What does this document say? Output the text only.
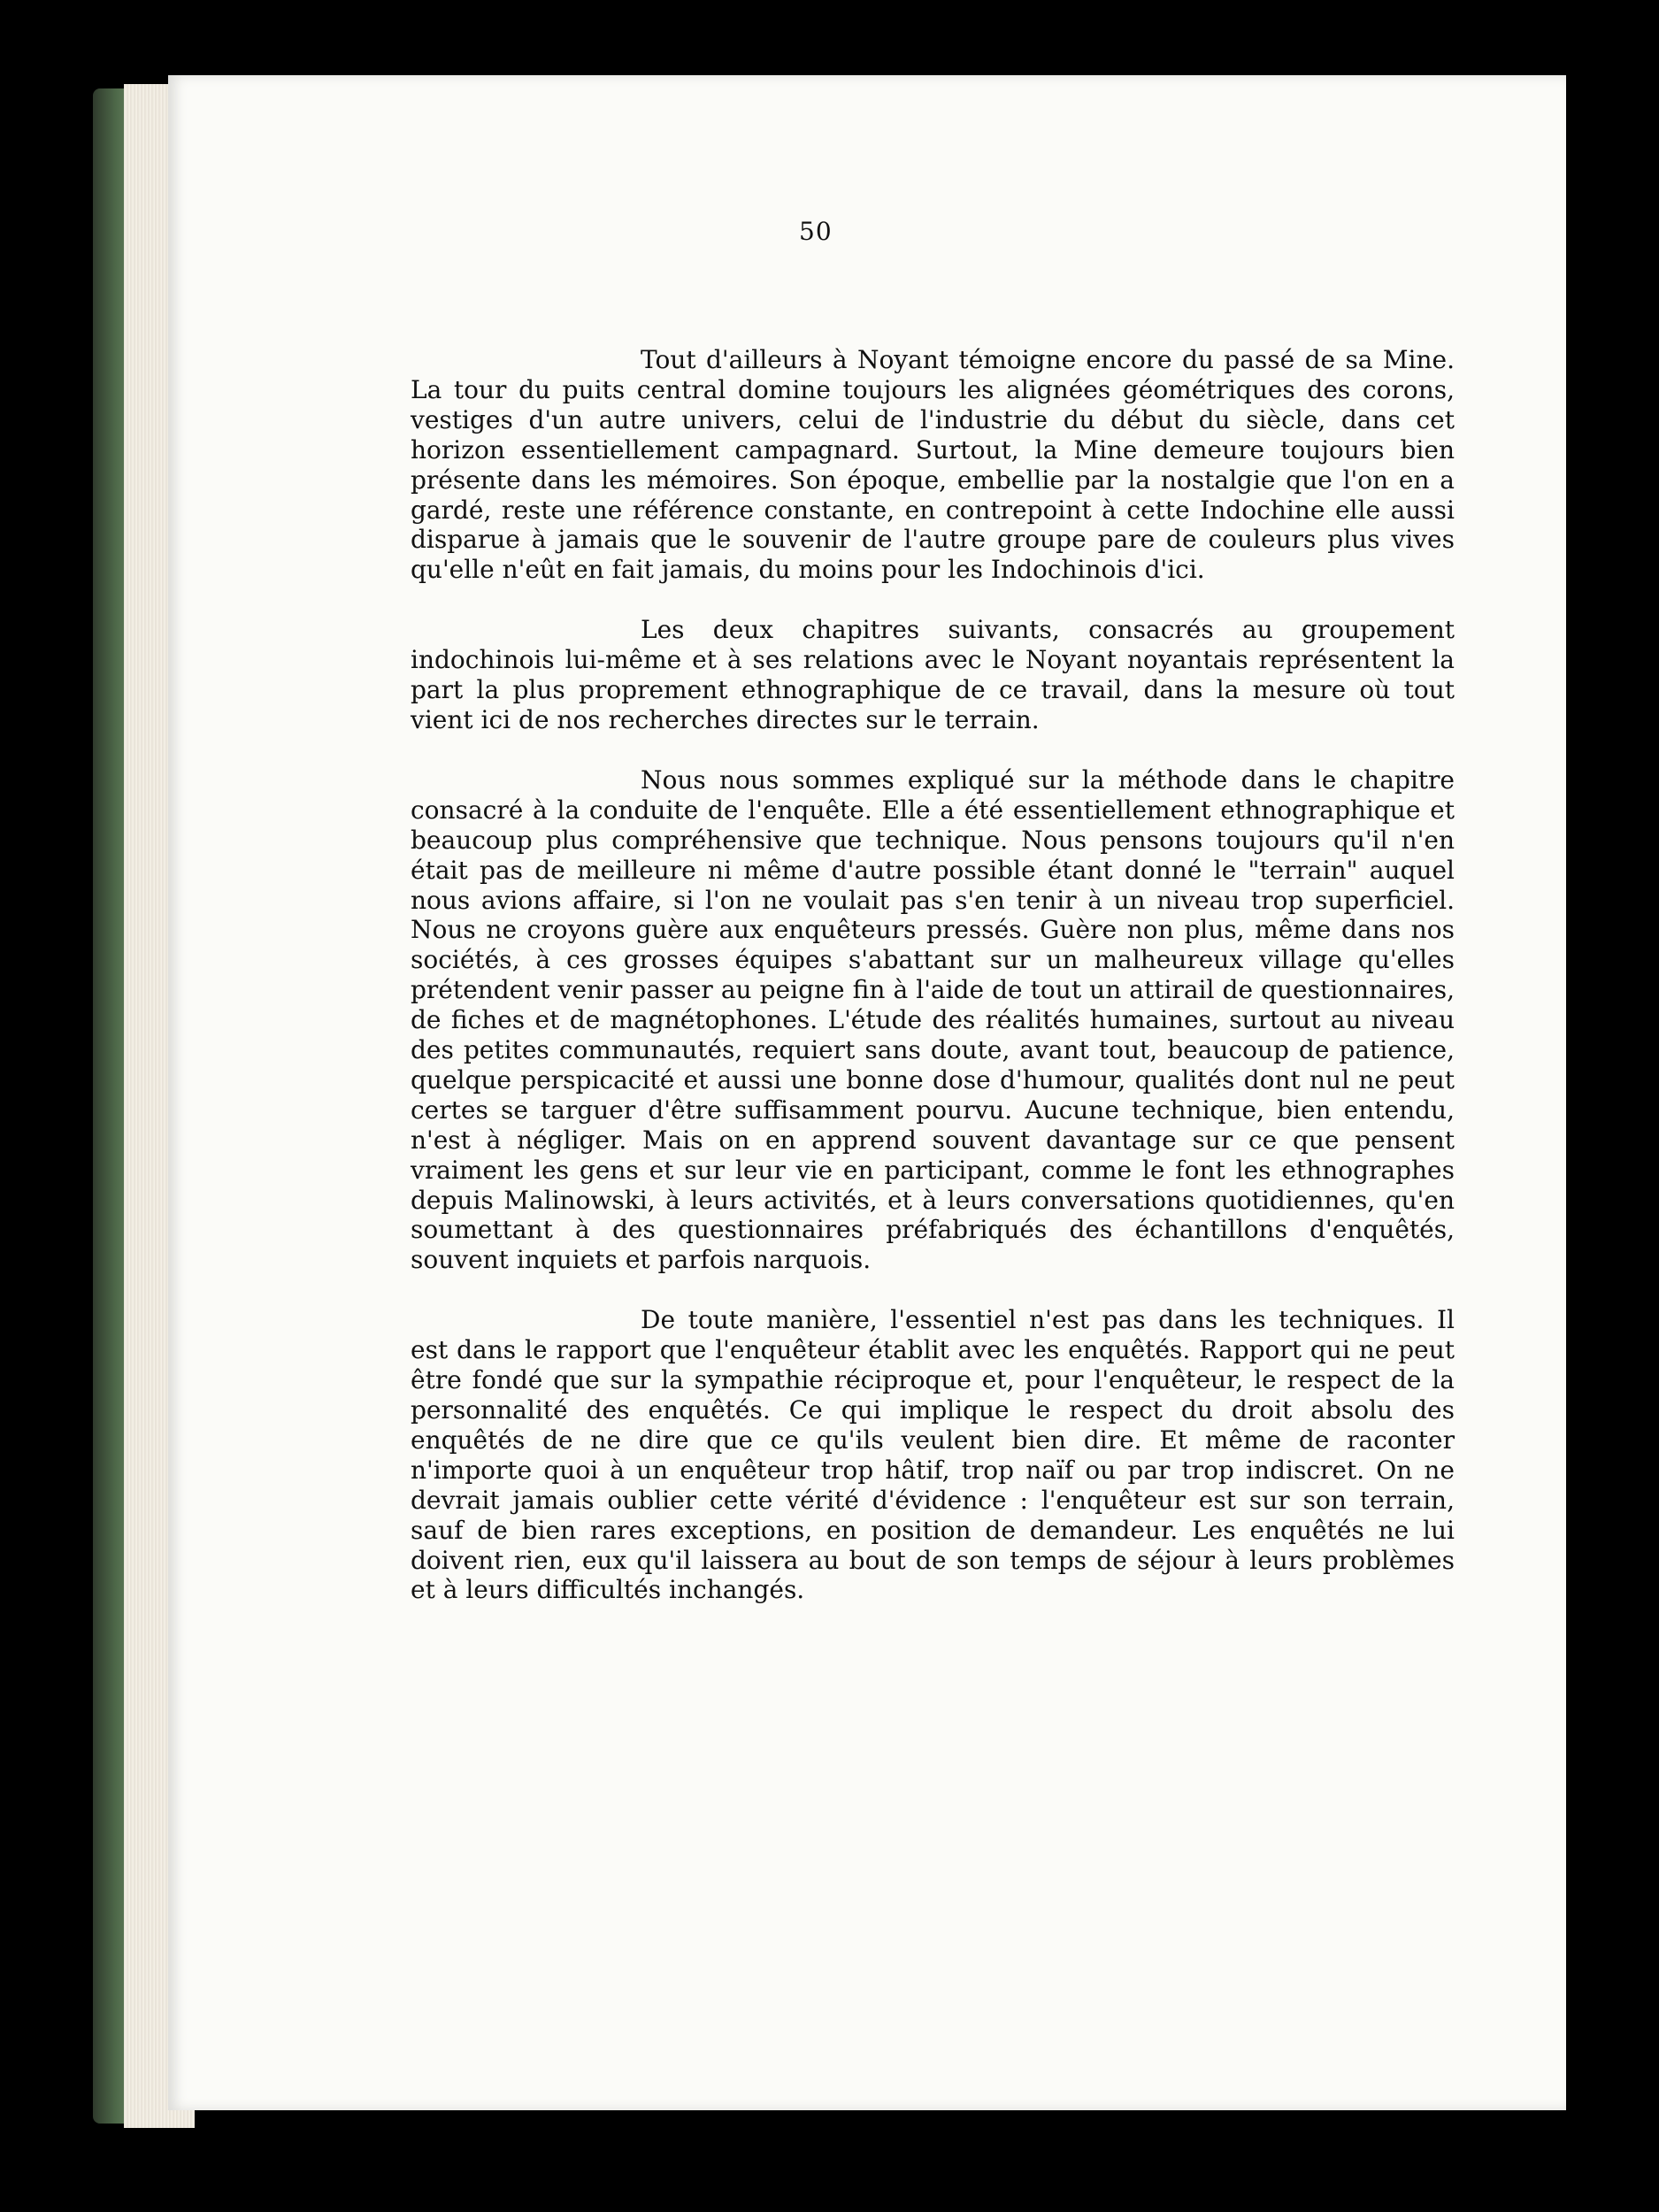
50

Tout d'ailleurs à Noyant témoigne encore du passé de sa Mine. La tour du puits central domine toujours les alignées géométriques des corons, vestiges d'un autre univers, celui de l'industrie du début du siècle, dans cet horizon essentiellement campagnard. Surtout, la Mine demeure toujours bien présente dans les mémoires. Son époque, embellie par la nostalgie que l'on en a gardé, reste une référence constante, en contrepoint à cette Indochine elle aussi disparue à jamais que le souvenir de l'autre groupe pare de couleurs plus vives qu'elle n'eût en fait jamais, du moins pour les Indochinois d'ici.

Les deux chapitres suivants, consacrés au groupement indochinois lui-même et à ses relations avec le Noyant noyantais représentent la part la plus proprement ethnographique de ce travail, dans la mesure où tout vient ici de nos recherches directes sur le terrain.

Nous nous sommes expliqué sur la méthode dans le chapitre consacré à la conduite de l'enquête. Elle a été essentiellement ethnographique et beaucoup plus compréhensive que technique. Nous pensons toujours qu'il n'en était pas de meilleure ni même d'autre possible étant donné le "terrain" auquel nous avions affaire, si l'on ne voulait pas s'en tenir à un niveau trop superficiel. Nous ne croyons guère aux enquêteurs pressés. Guère non plus, même dans nos sociétés, à ces grosses équipes s'abattant sur un malheureux village qu'elles prétendent venir passer au peigne fin à l'aide de tout un attirail de questionnaires, de fiches et de magnétophones. L'étude des réalités humaines, surtout au niveau des petites communautés, requiert sans doute, avant tout, beaucoup de patience, quelque perspicacité et aussi une bonne dose d'humour, qualités dont nul ne peut certes se targuer d'être suffisamment pourvu. Aucune technique, bien entendu, n'est à négliger. Mais on en apprend souvent davantage sur ce que pensent vraiment les gens et sur leur vie en participant, comme le font les ethnographes depuis Malinowski, à leurs activités, et à leurs conversations quotidiennes, qu'en soumettant à des questionnaires préfabriqués des échantillons d'enquêtés, souvent inquiets et parfois narquois.

De toute manière, l'essentiel n'est pas dans les techniques. Il est dans le rapport que l'enquêteur établit avec les enquêtés. Rapport qui ne peut être fondé que sur la sympathie réciproque et, pour l'enquêteur, le respect de la personnalité des enquêtés. Ce qui implique le respect du droit absolu des enquêtés de ne dire que ce qu'ils veulent bien dire. Et même de raconter n'importe quoi à un enquêteur trop hâtif, trop naïf ou par trop indiscret. On ne devrait jamais oublier cette vérité d'évidence : l'enquêteur est sur son terrain, sauf de bien rares exceptions, en position de demandeur. Les enquêtés ne lui doivent rien, eux qu'il laissera au bout de son temps de séjour à leurs problèmes et à leurs difficultés inchangés.
